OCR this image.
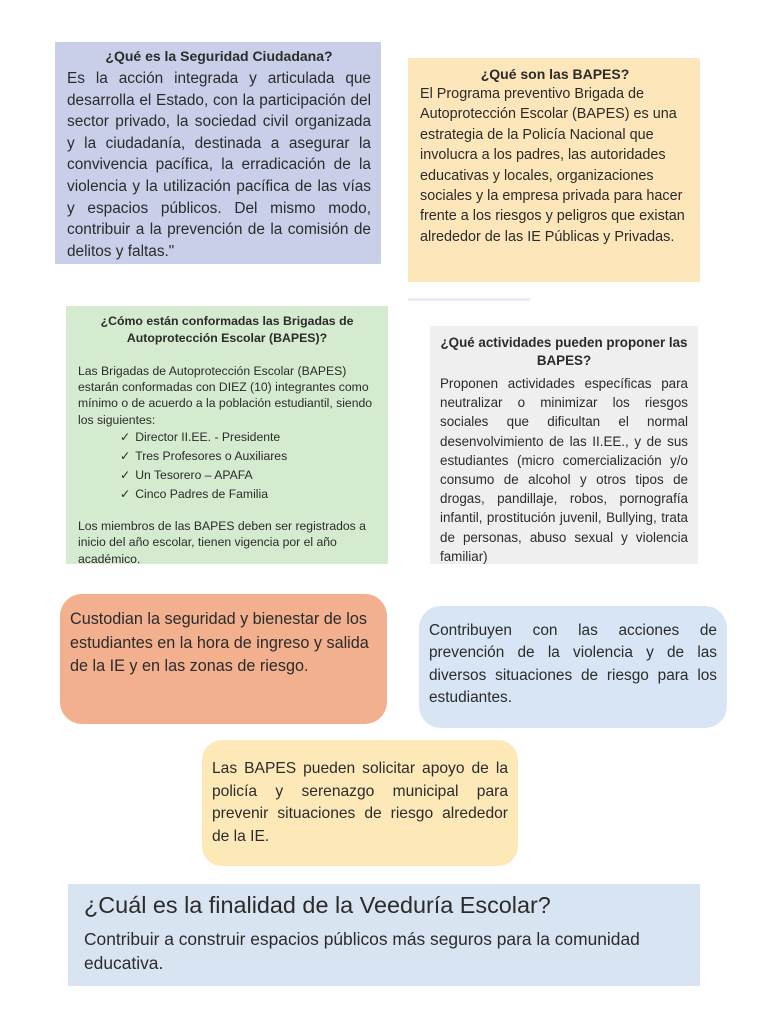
¿Qué es la Seguridad Ciudadana?

Es la acción integrada y articulada que desarrolla el Estado, con la participación del sector privado, la sociedad civil organizada y la ciudadanía, destinada a asegurar la convivencia pacífica, la erradicación de la violencia y la utilización pacífica de las vías y espacios públicos. Del mismo modo, contribuir a la prevención de la comisión de delitos y faltas."

¿Qué son las BAPES?

El Programa preventivo Brigada de Autoprotección Escolar (BAPES) es una estrategia de la Policía Nacional que involucra a los padres, las autoridades educativas y locales, organizaciones sociales y la empresa privada para hacer frente a los riesgos y peligros que existan alrededor de las IE Públicas y Privadas.

¿Cómo están conformadas las Brigadas de Autoprotección Escolar (BAPES)?

Las Brigadas de Autoprotección Escolar (BAPES) estarán conformadas con DIEZ (10) integrantes como mínimo o de acuerdo a la población estudiantil, siendo los siguientes:

✓ Director II.EE. - Presidente
✓ Tres Profesores o Auxiliares
✓ Un Tesorero – APAFA
✓ Cinco Padres de Familia

Los miembros de las BAPES deben ser registrados a inicio del año escolar, tienen vigencia por el año académico.

¿Qué actividades pueden proponer las BAPES?

Proponen actividades específicas para neutralizar o minimizar los riesgos sociales que dificultan el normal desenvolvimiento de las II.EE., y de sus estudiantes (micro comercialización y/o consumo de alcohol y otros tipos de drogas, pandillaje, robos, pornografía infantil, prostitución juvenil, Bullying, trata de personas, abuso sexual y violencia familiar)

Custodian la seguridad y bienestar de los estudiantes en la hora de ingreso y salida de la IE y en las zonas de riesgo.

Contribuyen con las acciones de prevención de la violencia y de las diversos situaciones de riesgo para los estudiantes.

Las BAPES pueden solicitar apoyo de la policía y serenazgo municipal para prevenir situaciones de riesgo alrededor de la IE.

¿Cuál es la finalidad de la Veeduría Escolar?

Contribuir a construir espacios públicos más seguros para la comunidad educativa.
